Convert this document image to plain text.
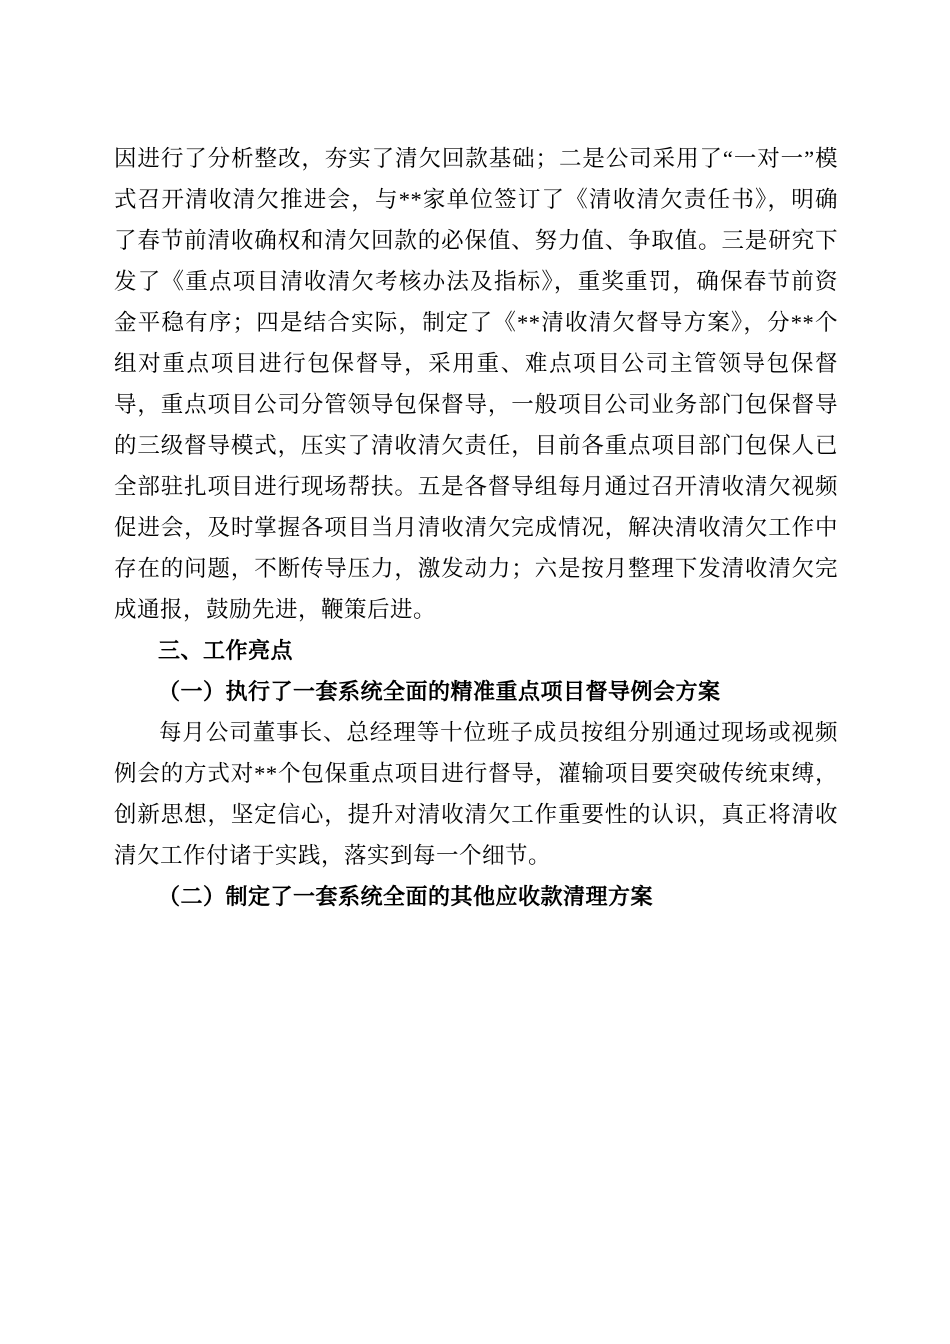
因进行了分析整改，夯实了清欠回款基础；二是公司采用了“一对一”模式召开清收清欠推进会，与**家单位签订了《清收清欠责任书》，明确了春节前清收确权和清欠回款的必保值、努力值、争取值。三是研究下发了《重点项目清收清欠考核办法及指标》，重奖重罚，确保春节前资金平稳有序；四是结合实际，制定了《**清收清欠督导方案》，分**个组对重点项目进行包保督导，采用重、难点项目公司主管领导包保督导，重点项目公司分管领导包保督导，一般项目公司业务部门包保督导的三级督导模式，压实了清收清欠责任，目前各重点项目部门包保人已全部驻扎项目进行现场帮扶。五是各督导组每月通过召开清收清欠视频促进会，及时掌握各项目当月清收清欠完成情况，解决清收清欠工作中存在的问题，不断传导压力，激发动力；六是按月整理下发清收清欠完成通报，鼓励先进，鞭策后进。

三、工作亮点

（一）执行了一套系统全面的精准重点项目督导例会方案

每月公司董事长、总经理等十位班子成员按组分别通过现场或视频例会的方式对**个包保重点项目进行督导，灌输项目要突破传统束缚，创新思想，坚定信心，提升对清收清欠工作重要性的认识，真正将清收清欠工作付诸于实践，落实到每一个细节。

（二）制定了一套系统全面的其他应收款清理方案
